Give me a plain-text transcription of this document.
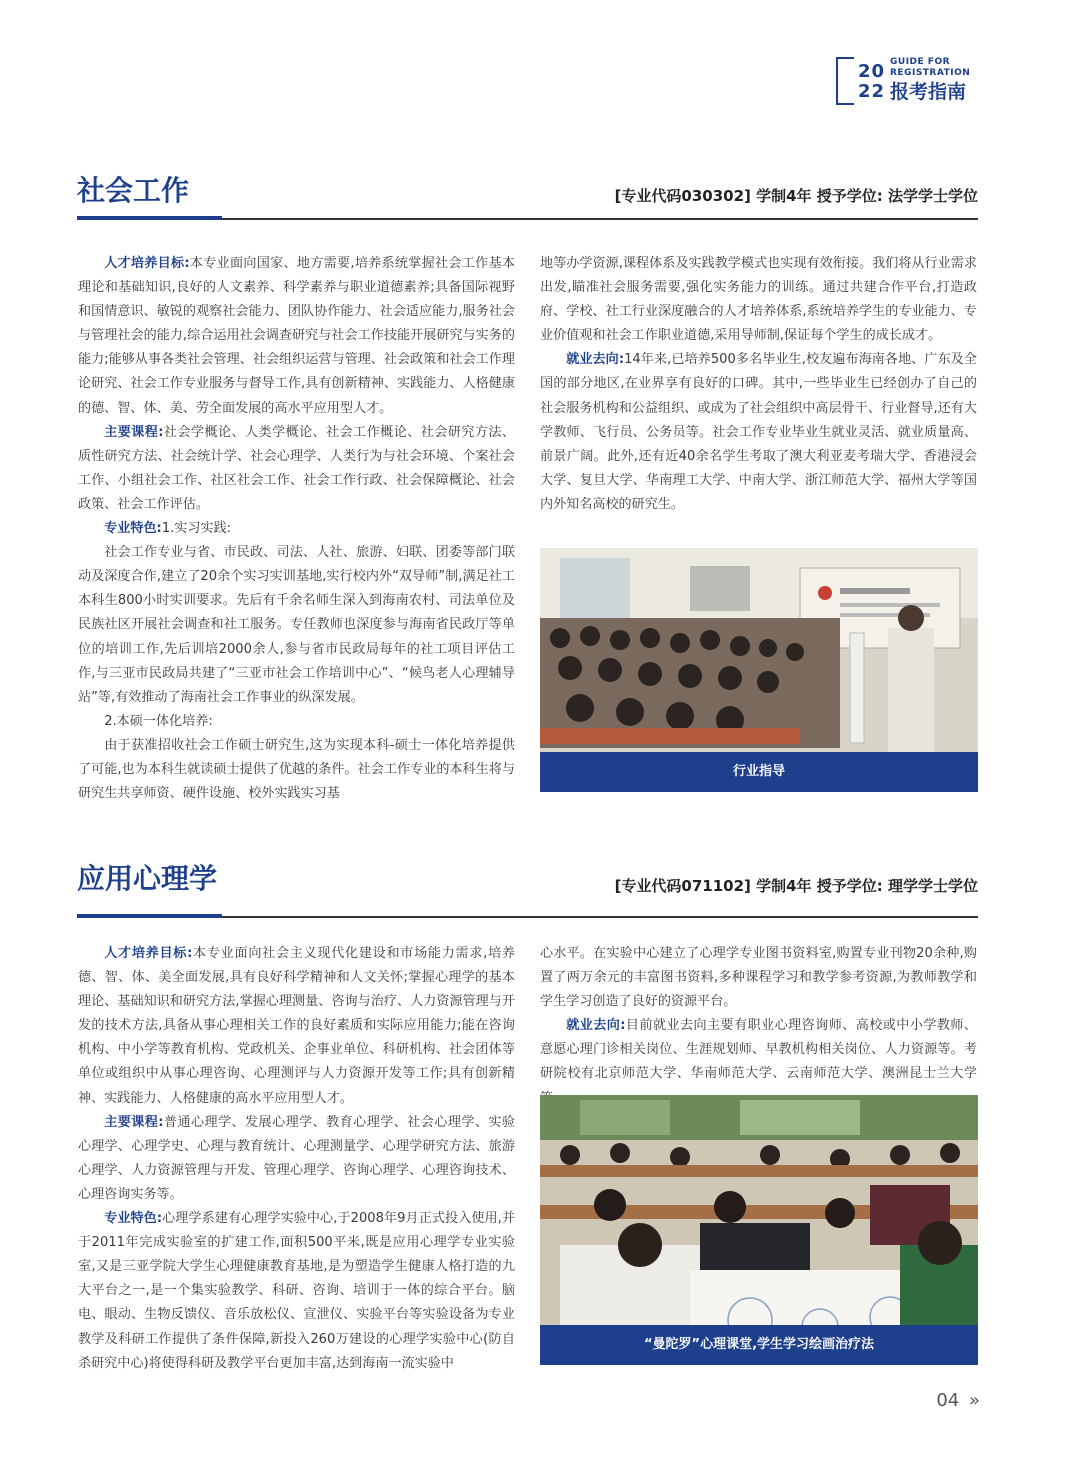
20
22
GUIDE FOR
REGISTRATION
报考指南
社会工作	[专业代码030302] 学制4年 授予学位: 法学学士学位

人才培养目标:本专业面向国家、地方需要,培养系统掌握社会工作基本理论和基础知识,良好的人文素养、科学素养与职业道德素养;具备国际视野和国情意识、敏锐的观察社会能力、团队协作能力、社会适应能力,服务社会与管理社会的能力,综合运用社会调查研究与社会工作技能开展研究与实务的能力;能够从事各类社会管理、社会组织运营与管理、社会政策和社会工作理论研究、社会工作专业服务与督导工作,具有创新精神、实践能力、人格健康的德、智、体、美、劳全面发展的高水平应用型人才。

主要课程:社会学概论、人类学概论、社会工作概论、社会研究方法、质性研究方法、社会统计学、社会心理学、人类行为与社会环境、个案社会工作、小组社会工作、社区社会工作、社会工作行政、社会保障概论、社会政策、社会工作评估。

专业特色:1.实习实践:

社会工作专业与省、市民政、司法、人社、旅游、妇联、团委等部门联动及深度合作,建立了20余个实习实训基地,实行校内外“双导师”制,满足社工本科生800小时实训要求。先后有千余名师生深入到海南农村、司法单位及民族社区开展社会调查和社工服务。专任教师也深度参与海南省民政厅等单位的培训工作,先后训培2000余人,参与省市民政局每年的社工项目评估工作,与三亚市民政局共建了“三亚市社会工作培训中心”、“候鸟老人心理辅导站”等,有效推动了海南社会工作事业的纵深发展。

2.本硕一体化培养:

由于获准招收社会工作硕士研究生,这为实现本科-硕士一体化培养提供了可能,也为本科生就读硕士提供了优越的条件。社会工作专业的本科生将与研究生共享师资、硬件设施、校外实践实习基

地等办学资源,课程体系及实践教学模式也实现有效衔接。我们将从行业需求出发,瞄准社会服务需要,强化实务能力的训练。通过共建合作平台,打造政府、学校、社工行业深度融合的人才培养体系,系统培养学生的专业能力、专业价值观和社会工作职业道德,采用导师制,保证每个学生的成长成才。

就业去向:14年来,已培养500多名毕业生,校友遍布海南各地、广东及全国的部分地区,在业界享有良好的口碑。其中,一些毕业生已经创办了自己的社会服务机构和公益组织、或成为了社会组织中高层骨干、行业督导,还有大学教师、飞行员、公务员等。社会工作专业毕业生就业灵活、就业质量高、前景广阔。此外,还有近40余名学生考取了澳大利亚麦考瑞大学、香港浸会大学、复旦大学、华南理工大学、中南大学、浙江师范大学、福州大学等国内外知名高校的研究生。

行业指导
应用心理学	[专业代码071102] 学制4年 授予学位: 理学学士学位

人才培养目标:本专业面向社会主义现代化建设和市场能力需求,培养德、智、体、美全面发展,具有良好科学精神和人文关怀;掌握心理学的基本理论、基础知识和研究方法,掌握心理测量、咨询与治疗、人力资源管理与开发的技术方法,具备从事心理相关工作的良好素质和实际应用能力;能在咨询机构、中小学等教育机构、党政机关、企事业单位、科研机构、社会团体等单位或组织中从事心理咨询、心理测评与人力资源开发等工作;具有创新精神、实践能力、人格健康的高水平应用型人才。

主要课程:普通心理学、发展心理学、教育心理学、社会心理学、实验心理学、心理学史、心理与教育统计、心理测量学、心理学研究方法、旅游心理学、人力资源管理与开发、管理心理学、咨询心理学、心理咨询技术、心理咨询实务等。

专业特色:心理学系建有心理学实验中心,于2008年9月正式投入使用,并于2011年完成实验室的扩建工作,面积500平米,既是应用心理学专业实验室,又是三亚学院大学生心理健康教育基地,是为塑造学生健康人格打造的九大平台之一,是一个集实验教学、科研、咨询、培训于一体的综合平台。脑电、眼动、生物反馈仪、音乐放松仪、宣泄仪、实验平台等实验设备为专业教学及科研工作提供了条件保障,新投入260万建设的心理学实验中心(防自杀研究中心)将使得科研及教学平台更加丰富,达到海南一流实验中

心水平。在实验中心建立了心理学专业图书资料室,购置专业刊物20余种,购置了两万余元的丰富图书资料,多种课程学习和教学参考资源,为教师教学和学生学习创造了良好的资源平台。

就业去向:目前就业去向主要有职业心理咨询师、高校或中小学教师、意愿心理门诊相关岗位、生涯规划师、早教机构相关岗位、人力资源等。考研院校有北京师范大学、华南师范大学、云南师范大学、澳洲昆士兰大学

“曼陀罗”心理课堂,学生学习绘画治疗法
04 »
